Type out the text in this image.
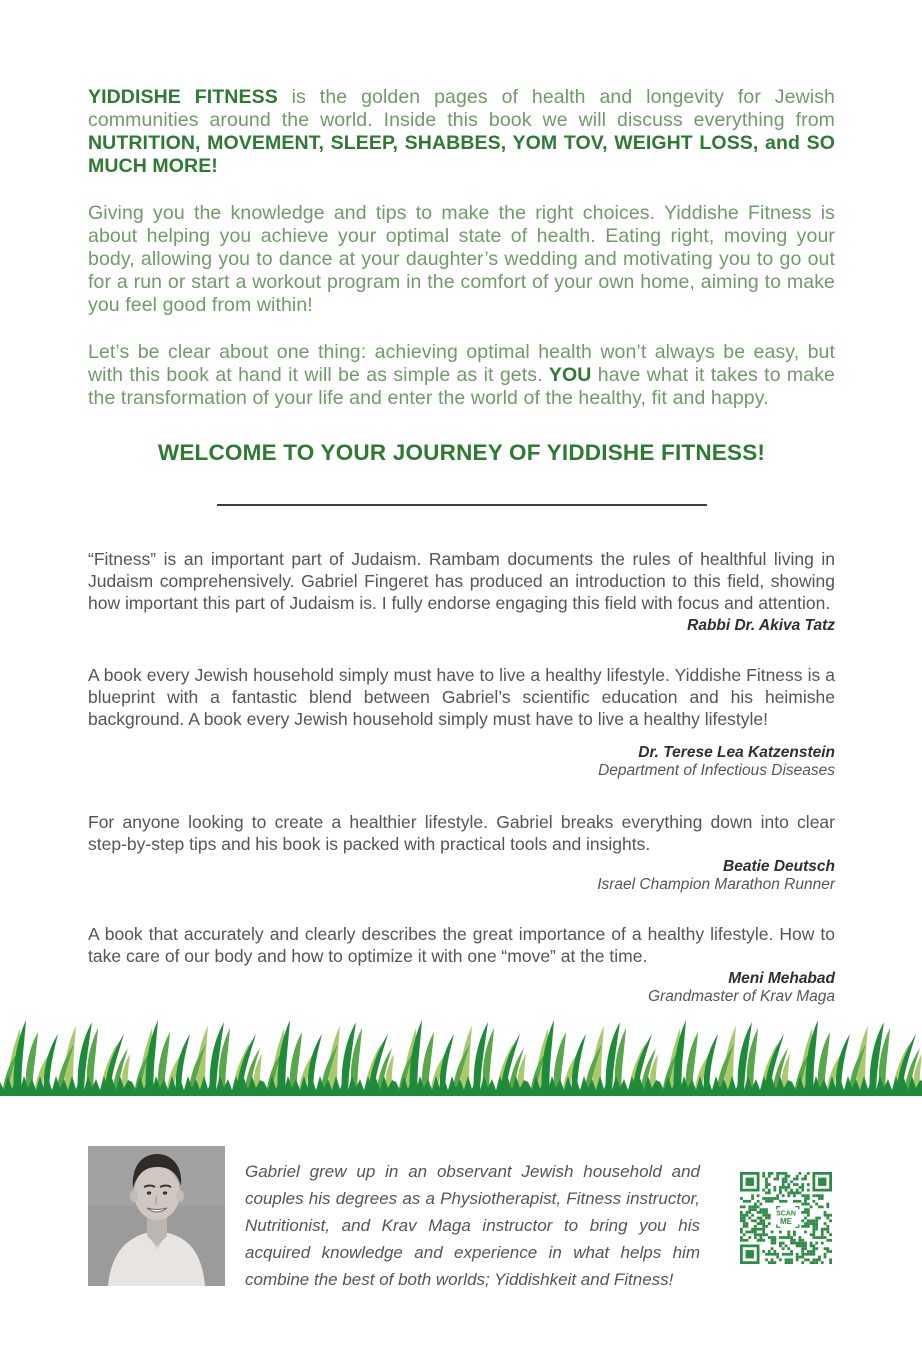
YIDDISHE FITNESS is the golden pages of health and longevity for Jewish communities around the world. Inside this book we will discuss everything from NUTRITION, MOVEMENT, SLEEP, SHABBES, YOM TOV, WEIGHT LOSS, and SO MUCH MORE!

Giving you the knowledge and tips to make the right choices. Yiddishe Fitness is about helping you achieve your optimal state of health. Eating right, moving your body, allowing you to dance at your daughter’s wedding and motivating you to go out for a run or start a workout program in the comfort of your own home, aiming to make you feel good from within!

Let’s be clear about one thing: achieving optimal health won’t always be easy, but with this book at hand it will be as simple as it gets. YOU have what it takes to make the transformation of your life and enter the world of the healthy, fit and happy.

WELCOME TO YOUR JOURNEY OF YIDDISHE FITNESS!

“Fitness” is an important part of Judaism. Rambam documents the rules of healthful living in Judaism comprehensively. Gabriel Fingeret has produced an introduction to this field, showing how important this part of Judaism is. I fully endorse engaging this field with focus and attention.

Rabbi Dr. Akiva Tatz

A book every Jewish household simply must have to live a healthy lifestyle. Yiddishe Fitness is a blueprint with a fantastic blend between Gabriel’s scientific education and his heimishe background. A book every Jewish household simply must have to live a healthy lifestyle!

Dr. Terese Lea Katzenstein
Department of Infectious Diseases

For anyone looking to create a healthier lifestyle. Gabriel breaks everything down into clear step-by-step tips and his book is packed with practical tools and insights.

Beatie Deutsch
Israel Champion Marathon Runner

A book that accurately and clearly describes the great importance of a healthy lifestyle. How to take care of our body and how to optimize it with one “move” at the time.

Meni Mehabad
Grandmaster of Krav Maga
Gabriel grew up in an observant Jewish household and couples his degrees as a Physiotherapist, Fitness instructor, Nutritionist, and Krav Maga instructor to bring you his acquired knowledge and experience in what helps him combine the best of both worlds; Yiddishkeit and Fitness!
SCAN
ME
